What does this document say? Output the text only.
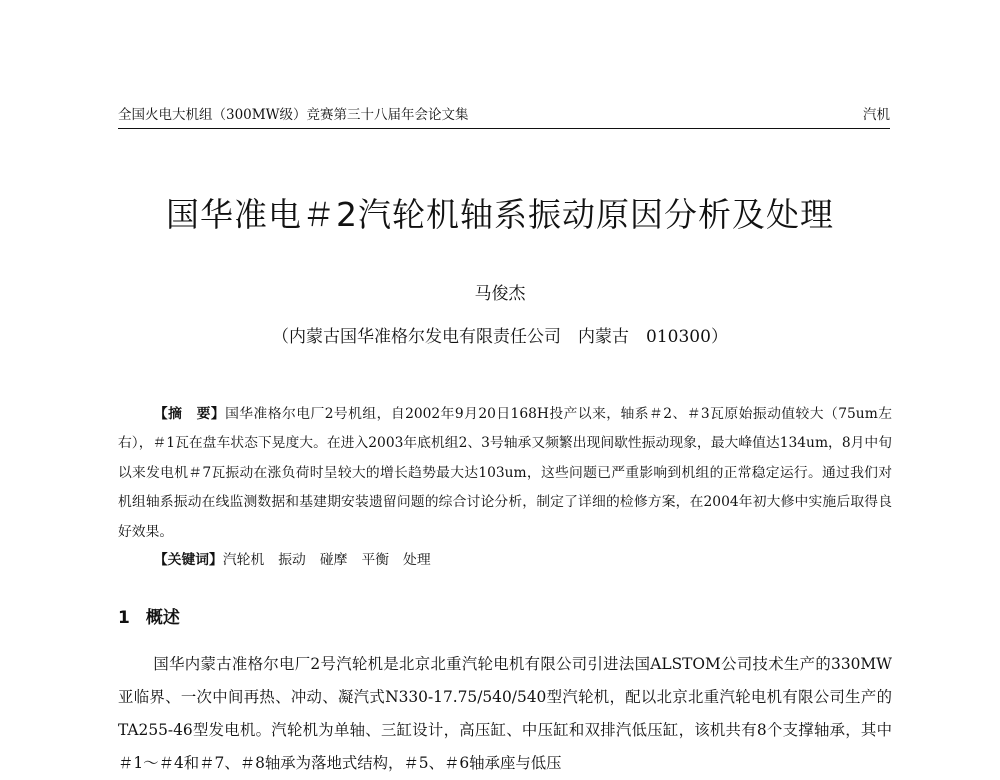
全国火电大机组（300MW级）竞赛第三十八届年会论文集	汽机
国华准电＃2汽轮机轴系振动原因分析及处理
马俊杰
（内蒙古国华准格尔发电有限责任公司　内蒙古　010300）
【摘　要】国华准格尔电厂2号机组，自2002年9月20日168H投产以来，轴系＃2、＃3瓦原始振动值较大（75um左右），＃1瓦在盘车状态下晃度大。在进入2003年底机组2、3号轴承又频繁出现间歇性振动现象，最大峰值达134um，8月中旬以来发电机＃7瓦振动在涨负荷时呈较大的增长趋势最大达103um，这些问题已严重影响到机组的正常稳定运行。通过我们对机组轴系振动在线监测数据和基建期安装遗留问题的综合讨论分析，制定了详细的检修方案，在2004年初大修中实施后取得良好效果。
【关键词】汽轮机 振动 碰摩 平衡 处理
1 概述
国华内蒙古准格尔电厂2号汽轮机是北京北重汽轮电机有限公司引进法国ALSTOM公司技术生产的330MW亚临界、一次中间再热、冲动、凝汽式N330-17.75/540/540型汽轮机，配以北京北重汽轮电机有限公司生产的TA255-46型发电机。汽轮机为单轴、三缸设计，高压缸、中压缸和双排汽低压缸，该机共有8个支撑轴承，其中＃1～＃4和＃7、＃8轴承为落地式结构，＃5、＃6轴承座与低压
